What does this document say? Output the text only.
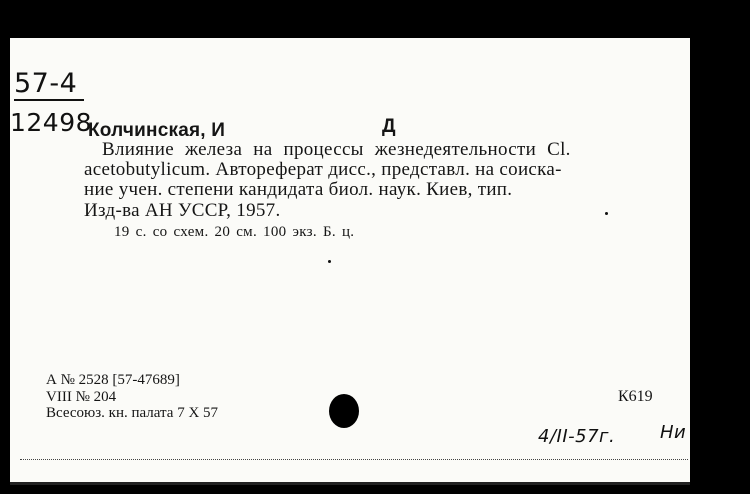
57-4
12498
Колчинская, И	Д
Влияние железа на процессы жезнедеятельности Cl.
acetobutylicum. Автореферат дисс., представл. на соиска-
ние учен. степени кандидата биол. наук. Киев, тип.
Изд-ва АН УССР, 1957.
19 с. со схем. 20 см. 100 экз. Б. ц.
А № 2528 [57-47689]
VIII № 204
Всесоюз. кн. палата 7 X 57
К619
4/II-57г. Ни
